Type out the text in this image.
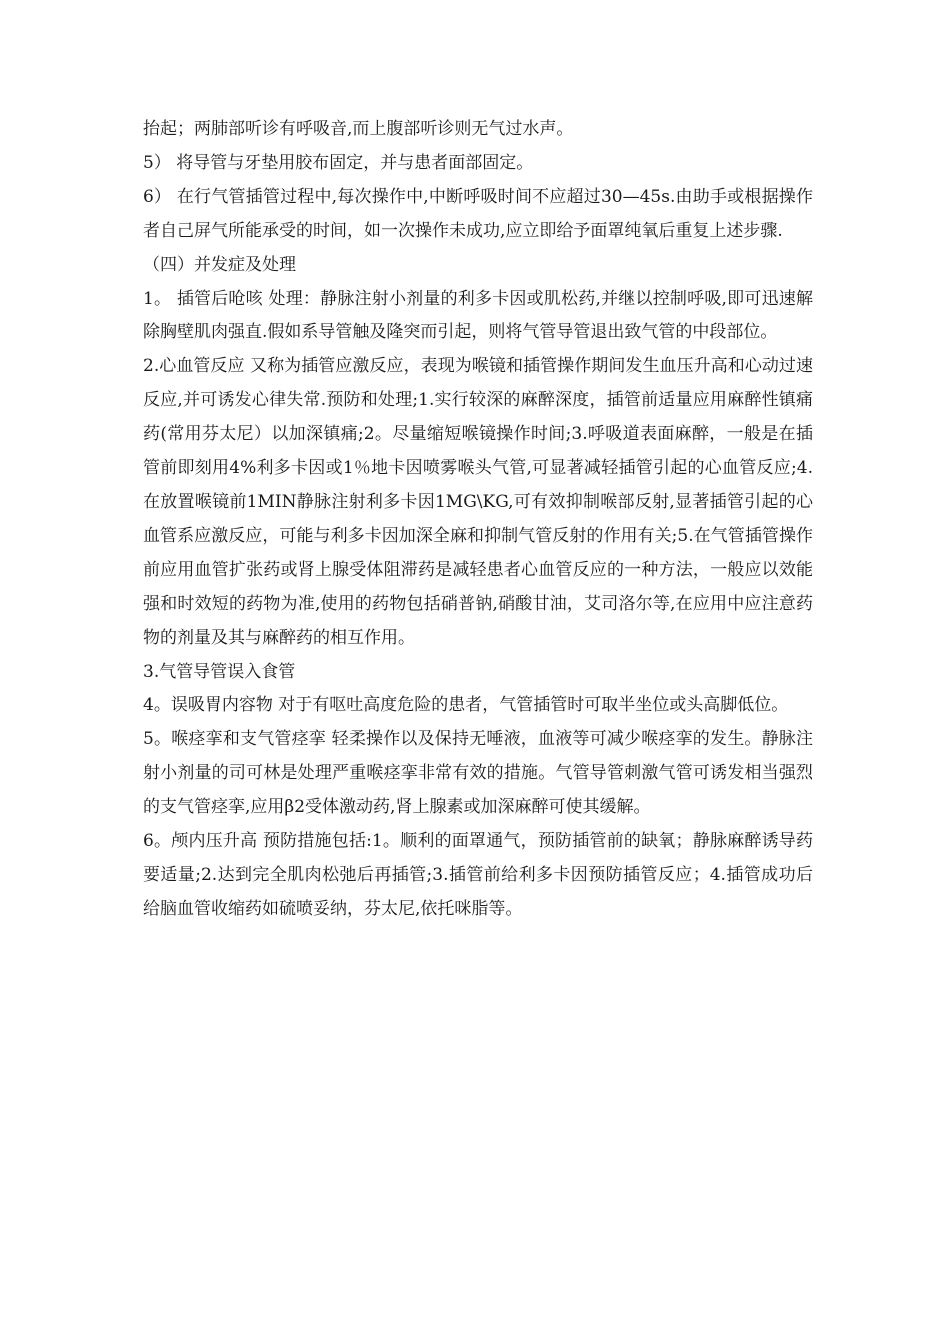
抬起；两肺部听诊有呼吸音,而上腹部听诊则无气过水声。

5） 将导管与牙垫用胶布固定，并与患者面部固定。

6） 在行气管插管过程中,每次操作中,中断呼吸时间不应超过30—45s.由助手或根据操作者自己屏气所能承受的时间，如一次操作未成功,应立即给予面罩纯氧后重复上述步骤.

（四）并发症及处理

1。 插管后呛咳 处理：静脉注射小剂量的利多卡因或肌松药,并继以控制呼吸,即可迅速解除胸壁肌肉强直.假如系导管触及隆突而引起，则将气管导管退出致气管的中段部位。

2.心血管反应 又称为插管应激反应，表现为喉镜和插管操作期间发生血压升高和心动过速反应,并可诱发心律失常.预防和处理;1.实行较深的麻醉深度，插管前适量应用麻醉性镇痛药(常用芬太尼）以加深镇痛;2。尽量缩短喉镜操作时间;3.呼吸道表面麻醉，一般是在插管前即刻用4%利多卡因或1％地卡因喷雾喉头气管,可显著减轻插管引起的心血管反应;4.在放置喉镜前1MIN静脉注射利多卡因1MG\KG,可有效抑制喉部反射,显著插管引起的心血管系应激反应，可能与利多卡因加深全麻和抑制气管反射的作用有关;5.在气管插管操作前应用血管扩张药或肾上腺受体阻滞药是减轻患者心血管反应的一种方法，一般应以效能强和时效短的药物为准,使用的药物包括硝普钠,硝酸甘油，艾司洛尔等,在应用中应注意药物的剂量及其与麻醉药的相互作用。

3.气管导管误入食管

4。误吸胃内容物 对于有呕吐高度危险的患者，气管插管时可取半坐位或头高脚低位。

5。喉痉挛和支气管痉挛 轻柔操作以及保持无唾液，血液等可减少喉痉挛的发生。静脉注射小剂量的司可林是处理严重喉痉挛非常有效的措施。气管导管刺激气管可诱发相当强烈的支气管痉挛,应用β2受体激动药,肾上腺素或加深麻醉可使其缓解。

6。颅内压升高 预防措施包括:1。顺利的面罩通气，预防插管前的缺氧；静脉麻醉诱导药要适量;2.达到完全肌肉松弛后再插管;3.插管前给利多卡因预防插管反应；4.插管成功后给脑血管收缩药如硫喷妥纳，芬太尼,依托咪脂等。
